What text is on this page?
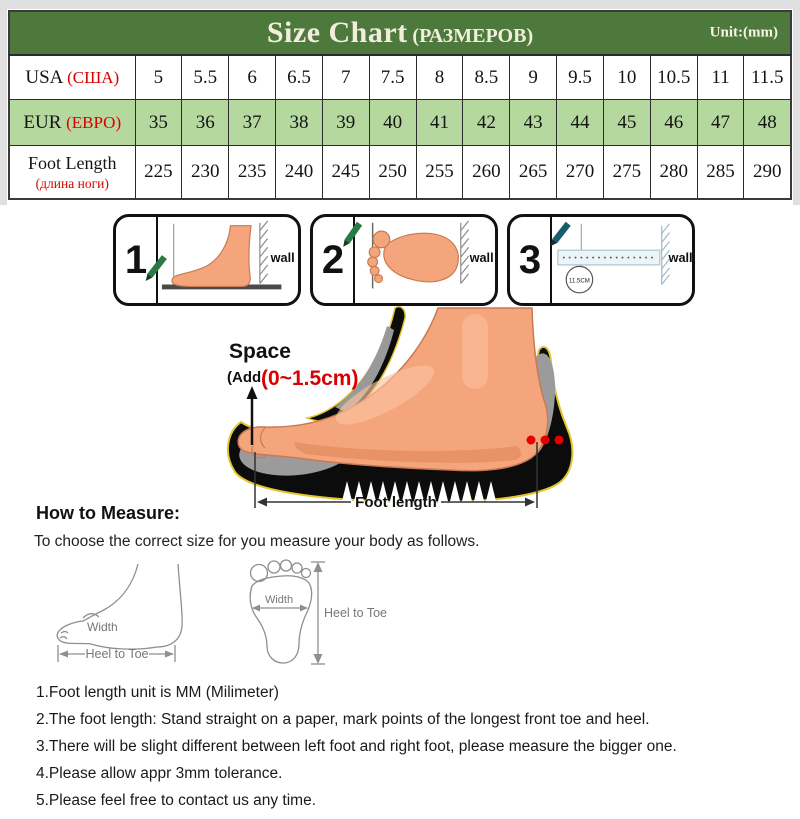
Size Chart (РАЗМЕРОВ) Unit:(mm)														

USA (США)	5	5.5	6	6.5	7	7.5	8	8.5	9	9.5	10	10.5	11	11.5
EUR (ЕВРО)	35	36	37	38	39	40	41	42	43	44	45	46	47	48
Foot Length
(длина ноги)	225	230	235	240	245	250	255	260	265	270	275	280	285	290
1	wall 2	wall 3
11.5CM
wall
Space
(Add (0~1.5cm)
Foot length
How to Measure:
To choose the correct size for you measure your body as follows.
Width
Heel to Toe
Width
Heel to Toe
1.Foot length unit is MM (Milimeter)
2.The foot length: Stand straight on a paper, mark points of the longest front toe and heel.
3.There will be slight different between left foot and right foot, please measure the bigger one.
4.Please allow appr 3mm tolerance.
5.Please feel free to contact us any time.
